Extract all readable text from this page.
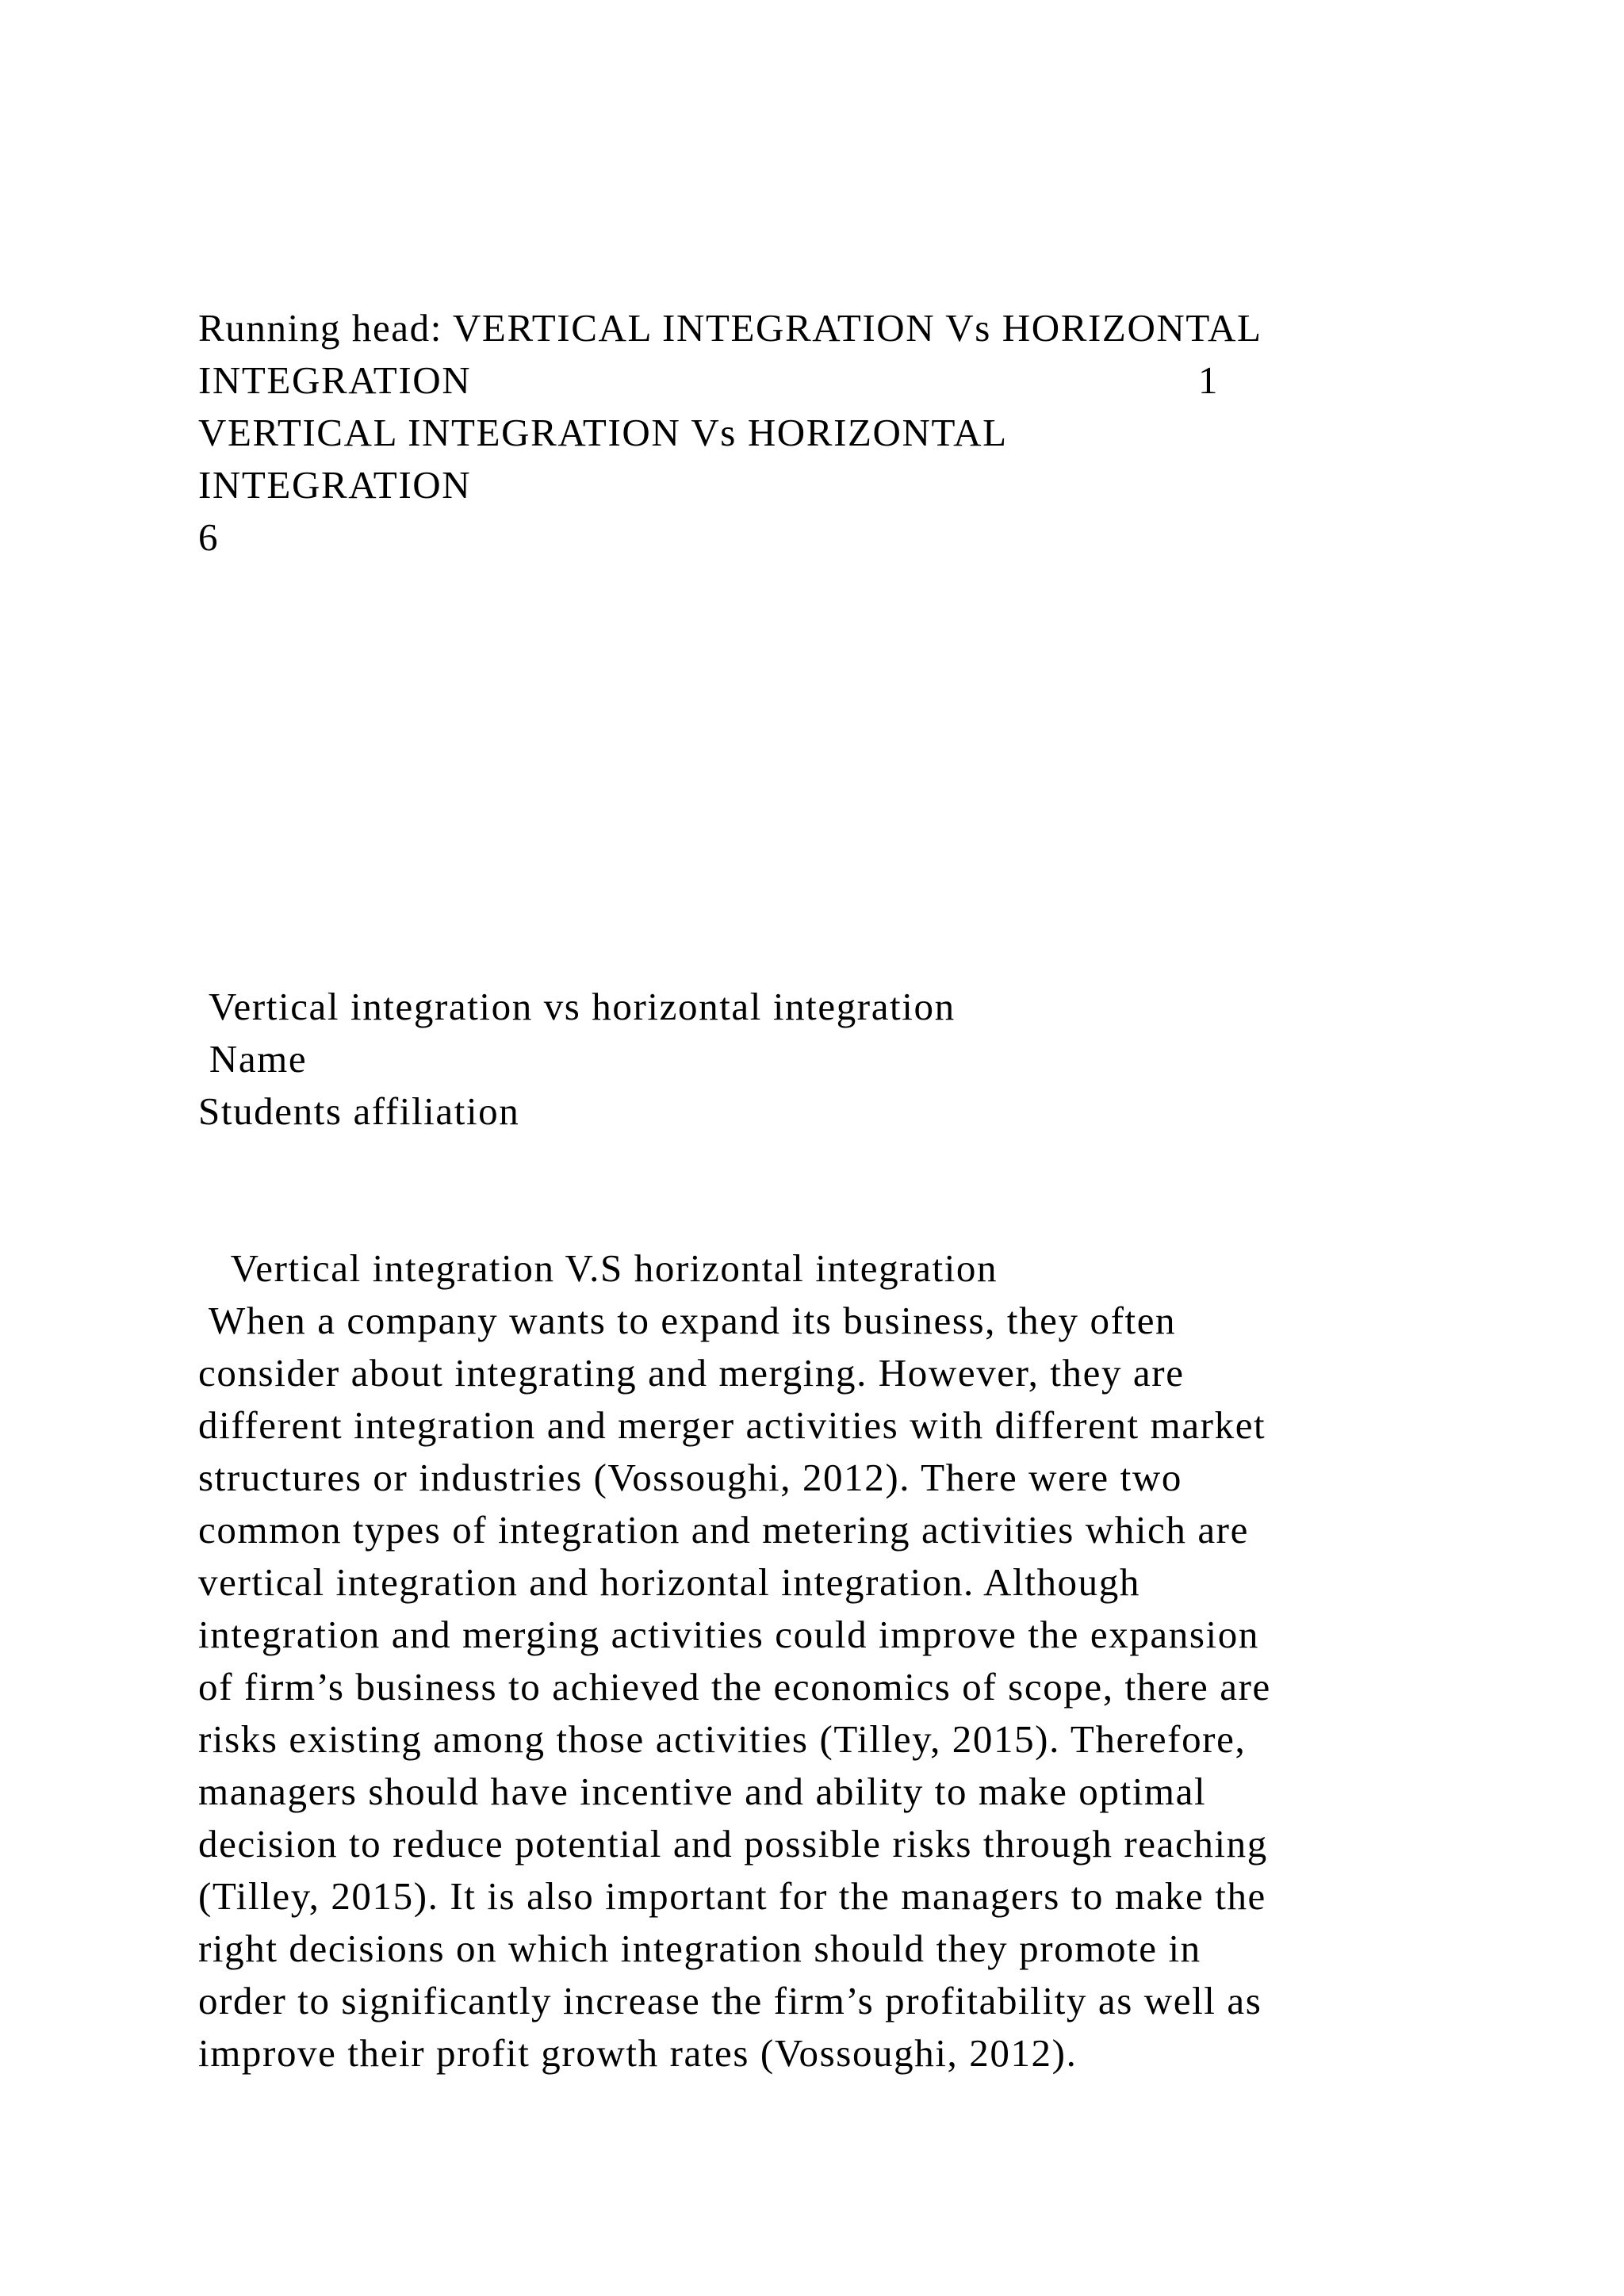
Running head: VERTICAL INTEGRATION Vs HORIZONTAL
INTEGRATION	1
VERTICAL INTEGRATION Vs HORIZONTAL
INTEGRATION
6
Vertical integration vs horizontal integration
Name
Students affiliation
Vertical integration V.S horizontal integration
When a company wants to expand its business, they often
consider about integrating and merging. However, they are
different integration and merger activities with different market
structures or industries (Vossoughi, 2012). There were two
common types of integration and metering activities which are
vertical integration and horizontal integration. Although
integration and merging activities could improve the expansion
of firm’s business to achieved the economics of scope, there are
risks existing among those activities (Tilley, 2015). Therefore,
managers should have incentive and ability to make optimal
decision to reduce potential and possible risks through reaching
(Tilley, 2015). It is also important for the managers to make the
right decisions on which integration should they promote in
order to significantly increase the firm’s profitability as well as
improve their profit growth rates (Vossoughi, 2012).
